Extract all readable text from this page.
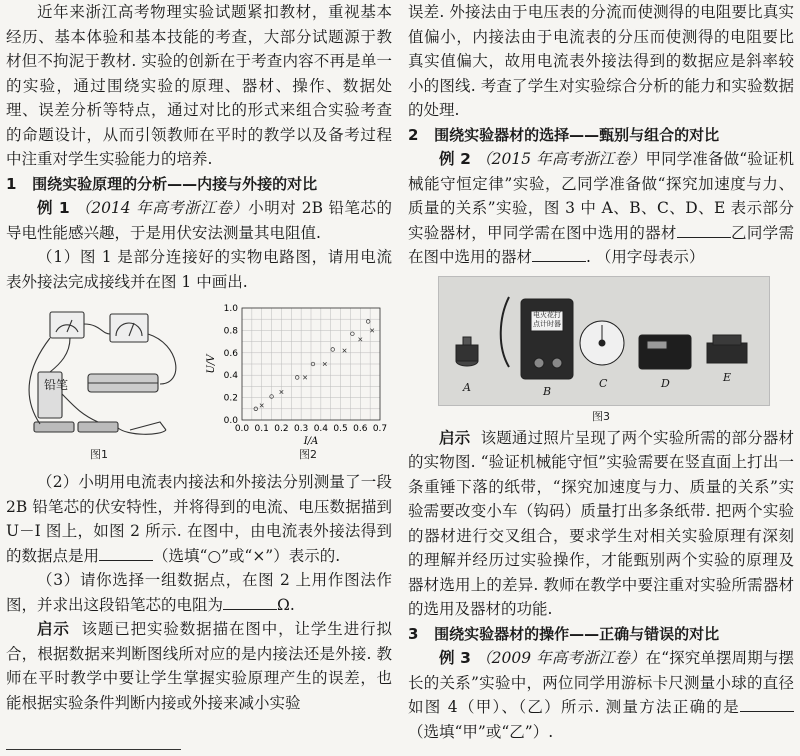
近年来浙江高考物理实验试题紧扣教材，重视基本经历、基本体验和基本技能的考查，大部分试题源于教材但不拘泥于教材. 实验的创新在于考查内容不再是单一的实验，通过围绕实验的原理、器材、操作、数据处理、误差分析等特点，通过对比的形式来组合实验考查的命题设计，从而引领教师在平时的教学以及备考过程中注重对学生实验能力的培养.

1 围绕实验原理的分析——内接与外接的对比

例 1 （2014 年高考浙江卷）小明对 2B 铅笔芯的导电性能感兴趣，于是用伏安法测量其电阻值.

（1）图 1 是部分连接好的实物电路图，请用电流表外接法完成接线并在图 1 中画出.

铅笔
图1
0.0 0.1 0.2 0.3 0.4 0.5 0.6 0.7
0.0
0.2
0.4
0.6
0.8
1.0
I/A
U/V
图2

（2）小明用电流表内接法和外接法分别测量了一段 2B 铅笔芯的伏安特性，并将得到的电流、电压数据描到 U－I 图上，如图 2 所示. 在图中，由电流表外接法得到的数据点是用	（选填“○”或“×”）表示的.

（3）请你选择一组数据点，在图 2 上用作图法作图，并求出这段铅笔芯的电阻为	Ω.

启示 该题已把实验数据描在图中，让学生进行拟合，根据数据来判断图线所对应的是内接法还是外接. 教师在平时教学中要让学生掌握实验原理产生的误差，也能根据实验条件判断内接或外接来减小实验

误差. 外接法由于电压表的分流而使测得的电阻要比真实值偏小，内接法由于电流表的分压而使测得的电阻要比真实值偏大，故用电流表外接法得到的数据应是斜率较小的图线. 考查了学生对实验综合分析的能力和实验数据的处理.

2 围绕实验器材的选择——甄别与组合的对比

例 2 （2015 年高考浙江卷）甲同学准备做“验证机械能守恒定律”实验，乙同学准备做“探究加速度与力、质量的关系”实验，图 3 中 A、B、C、D、E 表示部分实验器材，甲同学需在图中选用的器材	乙同学需在图中选用的器材	. （用字母表示）

电火花打点计时器
A	B
C	D	E
图3

启示 该题通过照片呈现了两个实验所需的部分器材的实物图. “验证机械能守恒”实验需要在竖直面上打出一条重锤下落的纸带，“探究加速度与力、质量的关系”实验需要改变小车（钩码）质量打出多条纸带. 把两个实验的器材进行交叉组合，要求学生对相关实验原理有深刻的理解并经历过实验操作，才能甄别两个实验的原理及器材选用上的差异. 教师在教学中要注重对实验所需器材的选用及器材的功能.

3 围绕实验器材的操作——正确与错误的对比

例 3 （2009 年高考浙江卷）在“探究单摆周期与摆长的关系”实验中，两位同学用游标卡尺测量小球的直径如图 4（甲）、（乙）所示. 测量方法正确的是（选填“甲”或“乙”）.
